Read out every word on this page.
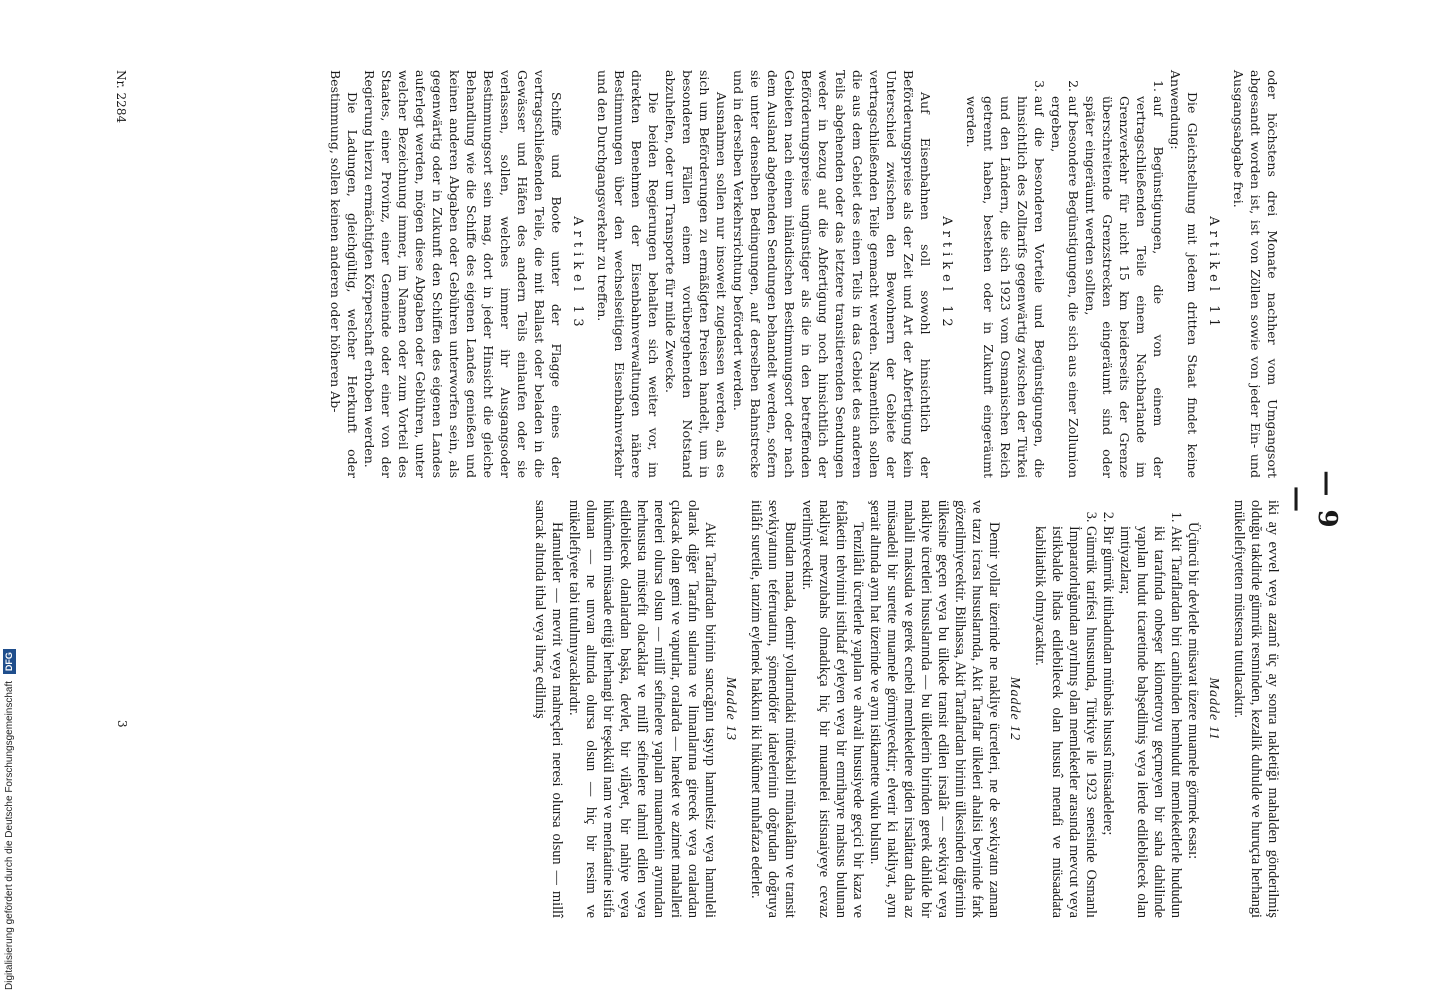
— 9 —

oder höchstens drei Monate nachher vom Umgangsort abgesandt worden ist, ist von Zöllen sowie von jeder Ein- und Ausgangsabgabe frei.

Artikel 11

Die Gleichstellung mit jedem dritten Staat findet keine Anwendung:

1. auf Begünstigungen, die von einem der vertragschließenden Teile einem Nachbarlande im Grenzverkehr für nicht 15 km beiderseits der Grenze überschreitende Grenzstrecken eingeräumt sind oder später eingeräumt werden sollten,
2. auf besondere Begünstigungen, die sich aus einer Zollunion ergeben,
3. auf die besonderen Vorteile und Begünstigungen, die hinsichtlich des Zolltarifs gegenwärtig zwischen der Türkei und den Ländern, die sich 1923 vom Osmanischen Reich getrennt haben, bestehen oder in Zukunft eingeräumt werden.
Artikel 12

Auf Eisenbahnen soll sowohl hinsichtlich der Beförderungspreise als der Zeit und Art der Abfertigung kein Unterschied zwischen den Bewohnern der Gebiete der vertragschließenden Teile gemacht werden. Namentlich sollen die aus dem Gebiet des einen Teils in das Gebiet des anderen Teils abgehenden oder das letztere transitierenden Sendungen weder in bezug auf die Abfertigung noch hinsichtlich der Beförderungspreise ungünstiger als die in den betreffenden Gebieten nach einem inländischen Bestimmungsort oder nach dem Ausland abgehenden Sendungen behandelt werden, sofern sie unter denselben Bedingungen, auf derselben Bahnstrecke und in derselben Verkehrsrichtung befördert werden.

Ausnahmen sollen nur insoweit zugelassen werden, als es sich um Beförderungen zu ermäßigten Preisen handelt, um in besonderen Fällen einem vorübergehenden Notstand abzuhelfen, oder um Transporte für milde Zwecke.

Die beiden Regierungen behalten sich weiter vor, im direkten Benehmen der Eisenbahnverwaltungen nähere Bestimmungen über den wechselseitigen Eisenbahnverkehr und den Durchgangsverkehr zu treffen.

Artikel 13

Schiffe und Boote unter der Flagge eines der vertragschließenden Teile, die mit Ballast oder beladen in die Gewässer und Häfen des andern Teils einlaufen oder sie verlassen, sollen, welches immer ihr Ausgangsoder Bestimmungsort sein mag, dort in jeder Hinsicht die gleiche Behandlung wie die Schiffe des eigenen Landes genießen und keinen anderen Abgaben oder Gebühren unterworfen sein, als gegenwärtig oder in Zukunft den Schiffen des eigenen Landes auferlegt werden, mögen diese Abgaben oder Gebühren, unter welcher Bezeichnung immer, im Namen oder zum Vorteil des Staates, einer Provinz, einer Gemeinde oder einer von der Regierung hierzu ermächtigten Körperschaft erhoben werden.

Die Ladungen, gleichgültig, welcher Herkunft oder Bestimmung, sollen keinen anderen oder höheren Ab-

iki ay evvel veya azamî üç ay sonra nakletiği mahalden gönderilmiş olduğu takdirde gümrük resminden, kezalik duhulde ve huruçta herhangi mükellefiyetten müstesna tutulacaktır.

Madde 11

Üçüncü bir devletle müsavat üzere muamele görmek esası:

1. Akit Taraflardan biri canibinden hemhudut memleketlerle hududun iki tarafında onbeşer kilometroyu geçmeyen bir saha dahilinde yapılan hudut ticaretinde bahşedilmiş veya ilerde edilebilecek olan imtiyazlara;
2. Bir gümrük ittihadından münbais hususî müsaadelere;
3. Gümrük tarifesi hususunda, Türkiye ile 1923 senesinde Osmanlı İmparatorluğundan ayrılmış olan memleketler arasında mevcut veya istikbalde ihdas edilebilecek olan hususî menafi ve müsaadata kabiliatbik olmıyacaktır.
Madde 12

Demir yollar üzerinde ne nakliye ücretleri, ne de sevkiyatın zaman ve tarzı icrası hususlarında, Akit Taraflar ülkeleri ahalisi beyninde fark gözetilmiyecektir. Bilhassa, Akit Taraflardan birinin ülkesinden diğerinin ülkesine geçen veya bu ülkede transit edilen irsalât — sevkiyat veya nakliye ücretleri hususlarında — bu ülkelerin birinden gerek dahilde bir mahalli maksuda ve gerek ecnebi memleketlere giden irsalâttan daha az müsaadeli bir surette muamele görmiyecektir; elverir ki nakliyat, aynı şerait altında aynı hat üzerinde ve aynı istikamette vuku bulsun.

Tenzilâtlı ücretlerle yapılan ve ahvali hususiyede geçici bir kaza ve felâketin tehvinini istihdaf eyleyen veya bir emrihayre mahsus bulunan nakliyat mevzubahs olmadıkça hiç bir muamelei istisnaiyeye cevaz verilmiyecektir.

Bundan maada, demir yollarındaki mütekabil münakalâtın ve transit sevkiyatının teferruatını, şömendöfer idarelerinin doğrudan doğruya itilâfı suretile, tanzim eylemek hakkını iki hükûmet muhafaza ederler.

Madde 13

Akit Taraflardan birinin sancağını taşıyıp hamulesiz veya hamuleli olarak diğer Tarafın sularına ve limanlarına girecek veya oralardan çıkacak olan gemi ve vapurlar, oralarda — hareket ve azimet mahalleri nereleri olursa olsun — millî sefinelere yapılan muamelenin aynından herhususta müstefit olacaklar ve millî sefinelere tahmil edilen veya edilebilecek olanlardan başka, devlet, bir vilâyet, bir nahiye veya hükûmetin müsaade ettiği herhangi bir teşekkül nam ve menfaatine istifa olunan — ne unvan altında olursa olsun — hiç bir resim ve mükellefiyete tabi tutulmıyacaklardır.

Hamuleler — mevrit veya mahreçleri neresi olursa olsun — millî sancak altında ithal veya ihraç edilmiş

Nr. 2284
3
Digitalisierung gefördert durch die Deutsche Forschungsgemeinschaft DFG
